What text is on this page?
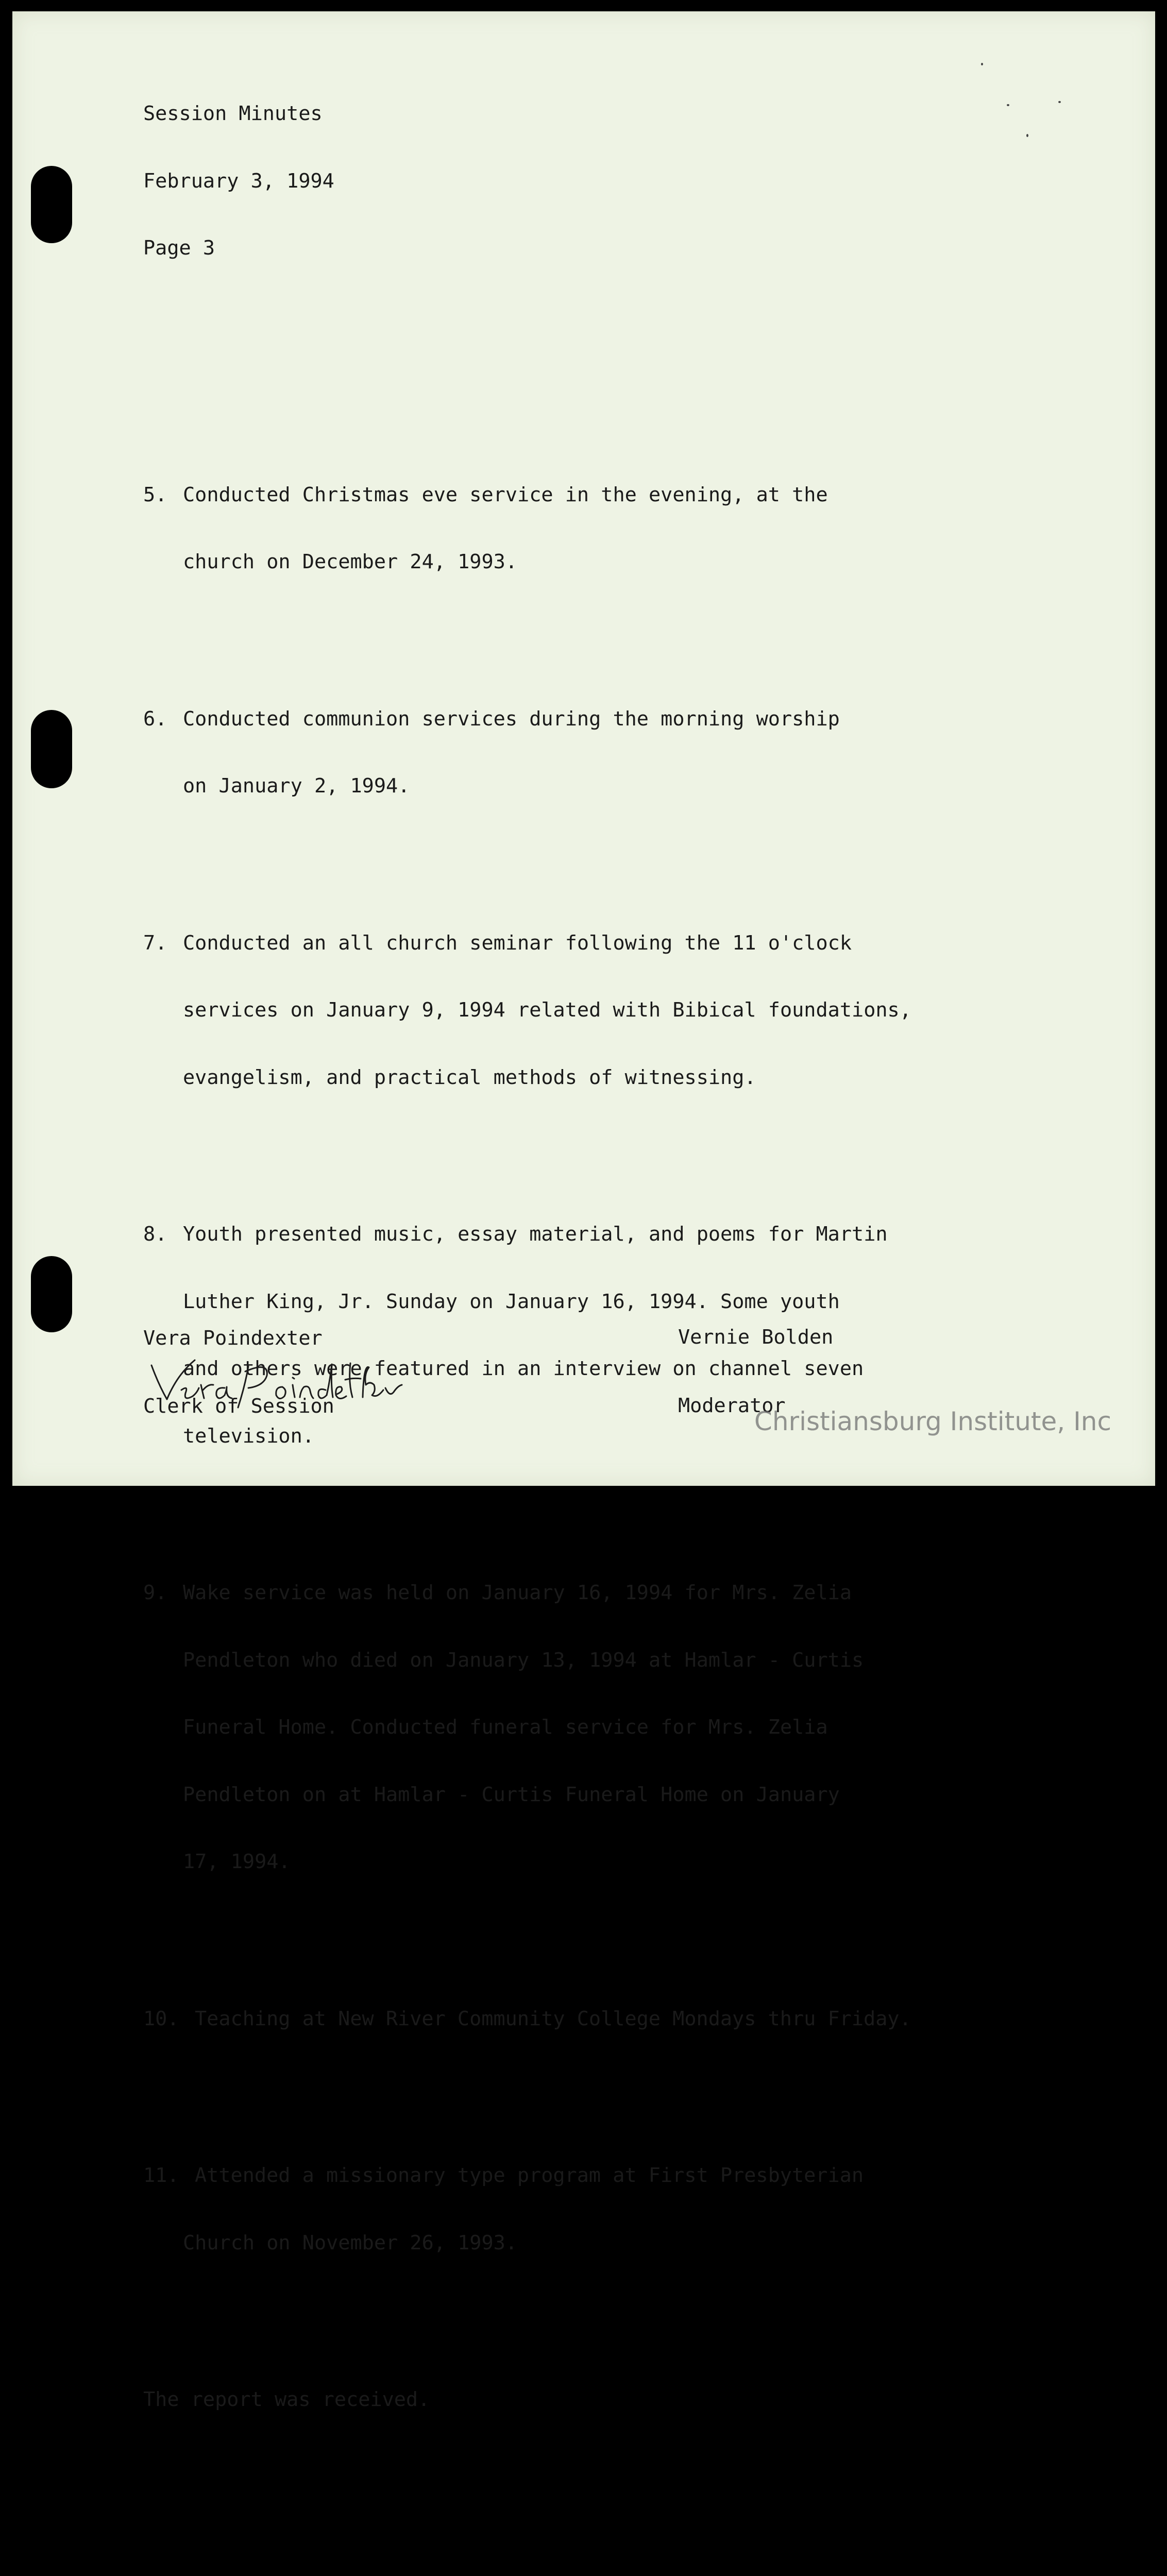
Session Minutes

February 3, 1994

Page 3

5. Conducted Christmas eve service in the evening, at the

church on December 24, 1993.

6. Conducted communion services during the morning worship

on January 2, 1994.

7. Conducted an all church seminar following the 11 o'clock

services on January 9, 1994 related with Bibical foundations,

evangelism, and practical methods of witnessing.

8. Youth presented music, essay material, and poems for Martin

Luther King, Jr. Sunday on January 16, 1994. Some youth

and others were featured in an interview on channel seven

television.

9. Wake service was held on January 16, 1994 for Mrs. Zelia

Pendleton who died on January 13, 1994 at Hamlar - Curtis

Funeral Home. Conducted funeral service for Mrs. Zelia

Pendleton on at Hamlar - Curtis Funeral Home on January

17, 1994.

10. Teaching at New River Community College Mondays thru Friday.

11. Attended a missionary type program at First Presbyterian

Church on November 26, 1993.

The report was received.

Vera Poindexter
Clerk of Session
Vernie Bolden
Moderator
Christiansburg Institute, Inc
